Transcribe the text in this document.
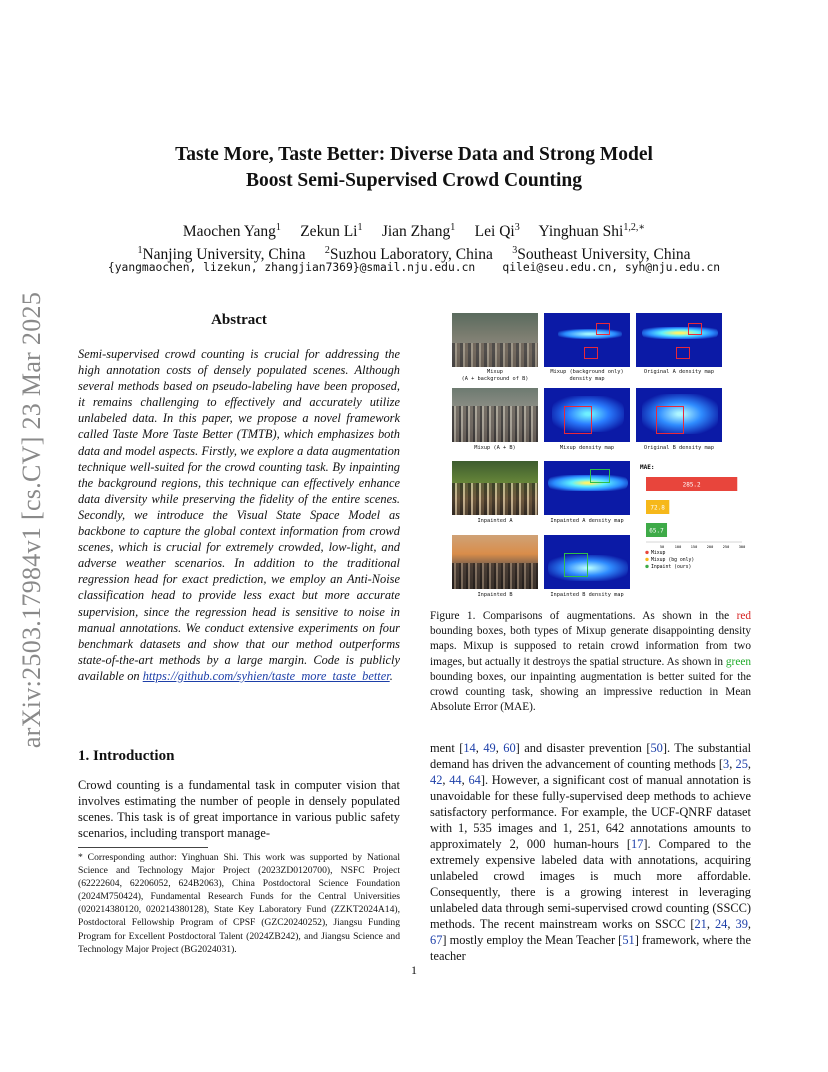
arXiv:2503.17984v1 [cs.CV] 23 Mar 2025
Taste More, Taste Better: Diverse Data and Strong Model
Boost Semi-Supervised Crowd Counting
Maochen Yang$^1$ Zekun Li$^1$ Jian Zhang$^1$ Lei Qi$^3$ Yinghuan Shi$^{1,2,∗}$
$^1$Nanjing University, China $^2$Suzhou Laboratory, China $^3$Southeast University, China
{yangmaochen, lizekun, zhangjian7369}@smail.nju.edu.cn qilei@seu.edu.cn, syh@nju.edu.cn
Abstract
Semi-supervised crowd counting is crucial for addressing the high annotation costs of densely populated scenes. Although several methods based on pseudo-labeling have been proposed, it remains challenging to effectively and accurately utilize unlabeled data. In this paper, we propose a novel framework called Taste More Taste Better (TMTB), which emphasizes both data and model aspects. Firstly, we explore a data augmentation technique well-suited for the crowd counting task. By inpainting the background regions, this technique can effectively enhance data diversity while preserving the fidelity of the entire scenes. Secondly, we introduce the Visual State Space Model as backbone to capture the global context information from crowd scenes, which is crucial for extremely crowded, low-light, and adverse weather scenarios. In addition to the traditional regression head for exact prediction, we employ an Anti-Noise classification head to provide less exact but more accurate supervision, since the regression head is sensitive to noise in manual annotations. We conduct extensive experiments on four benchmark datasets and show that our method outperforms state-of-the-art methods by a large margin. Code is publicly available on https://github.com/syhien/taste_more_taste_better.
1. Introduction
Crowd counting is a fundamental task in computer vision that involves estimating the number of people in densely populated scenes. This task is of great importance in various public safety scenarios, including transport manage-
* Corresponding author: Yinghuan Shi. This work was supported by National Science and Technology Major Project (2023ZD0120700), NSFC Project (62222604, 62206052, 624B2063), China Postdoctoral Science Foundation (2024M750424), Fundamental Research Funds for the Central Universities (020214380120, 020214380128), State Key Laboratory Fund (ZZKT2024A14), Postdoctoral Fellowship Program of CPSF (GZC20240252), Jiangsu Funding Program for Excellent Postdoctoral Talent (2024ZB242), and Jiangsu Science and Technology Major Project (BG2024031).
Mixup
(A + background of B)
Mixup (background only)
density map
Original A density map
Mixup (A + B)	Mixup density map	Original B density map
Inpainted A	Inpainted A density map
Inpainted B	Inpainted B density map
MAE:
285.2
72.8
65.7
50	100	150	200	250	300
Mixup
Mixup (bg only)
Inpaint (ours)
Figure 1. Comparisons of augmentations. As shown in the red bounding boxes, both types of Mixup generate disappointing density maps. Mixup is supposed to retain crowd information from two images, but actually it destroys the spatial structure. As shown in green bounding boxes, our inpainting augmentation is better suited for the crowd counting task, showing an impressive reduction in Mean Absolute Error (MAE).
ment [14, 49, 60] and disaster prevention [50]. The substantial demand has driven the advancement of counting methods [3, 25, 42, 44, 64]. However, a significant cost of manual annotation is unavoidable for these fully-supervised deep methods to achieve satisfactory performance. For example, the UCF-QNRF dataset with 1, 535 images and 1, 251, 642 annotations amounts to approximately 2, 000 human-hours [17]. Compared to the extremely expensive labeled data with annotations, acquiring unlabeled crowd images is much more affordable. Consequently, there is a growing interest in leveraging unlabeled data through semi-supervised crowd counting (SSCC) methods. The recent mainstream works on SSCC [21, 24, 39, 67] mostly employ the Mean Teacher [51] framework, where the teacher
1
